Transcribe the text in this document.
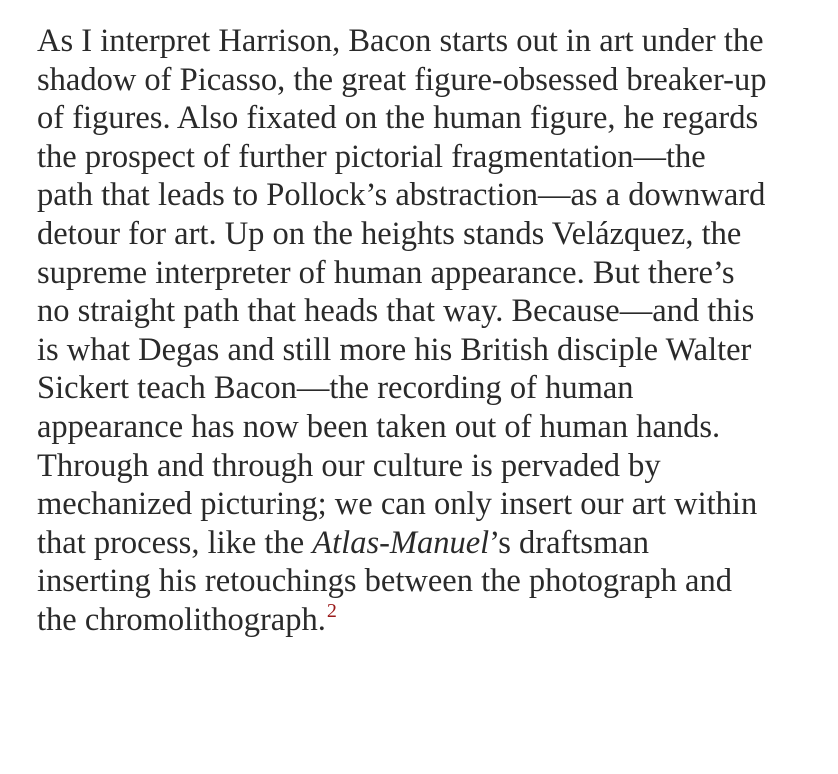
As I interpret Harrison, Bacon starts out in art under the
shadow of Picasso, the great figure-obsessed breaker-up
of figures. Also fixated on the human figure, he regards
the prospect of further pictorial fragmentation—the
path that leads to Pollock’s abstraction—as a downward
detour for art. Up on the heights stands Velázquez, the
supreme interpreter of human appearance. But there’s
no straight path that heads that way. Because—and this
is what Degas and still more his British disciple Walter
Sickert teach Bacon—the recording of human
appearance has now been taken out of human hands.
Through and through our culture is pervaded by
mechanized picturing; we can only insert our art within
that process, like the Atlas-Manuel’s draftsman
inserting his retouchings between the photograph and
the chromolithograph.$^2$
